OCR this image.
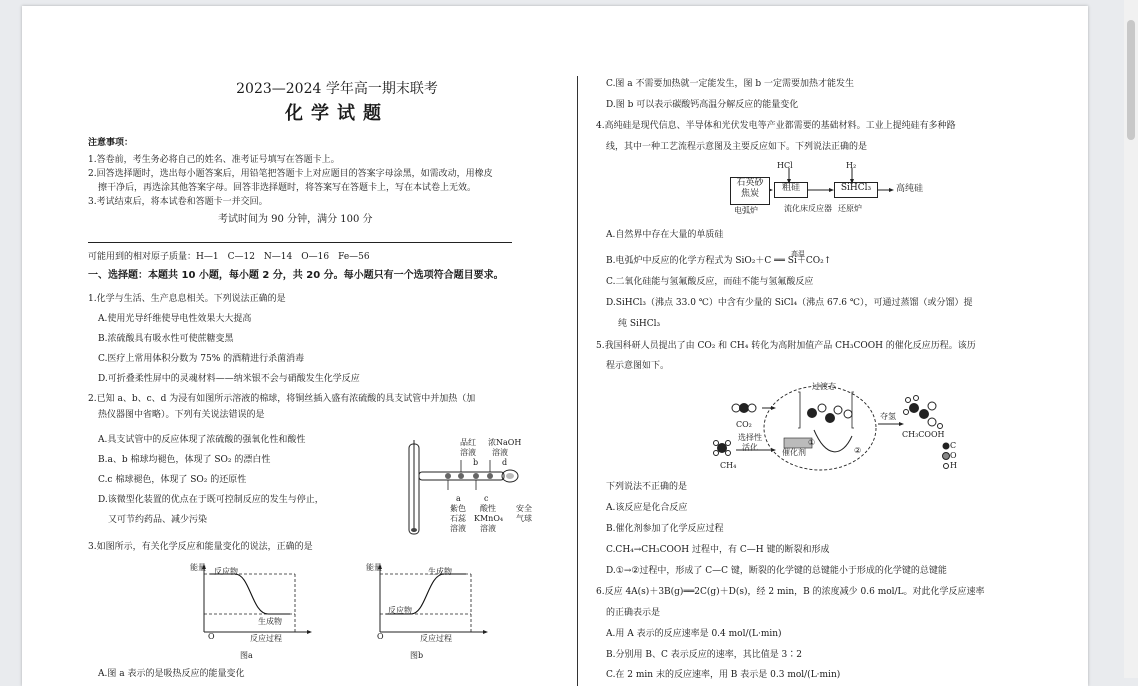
2023—2024 学年高一期末联考
化学试题
注意事项：
1.答卷前，考生务必将自己的姓名、准考证号填写在答题卡上。
2.回答选择题时，选出每小题答案后，用铅笔把答题卡上对应题目的答案字母涂黑，如需改动，用橡皮
擦干净后，再选涂其他答案字母。回答非选择题时，将答案写在答题卡上，写在本试卷上无效。
3.考试结束后，将本试卷和答题卡一并交回。
考试时间为 90 分钟，满分 100 分
可能用到的相对原子质量：H—1　C—12　N—14　O—16　Fe—56
一、选择题：本题共 10 小题，每小题 2 分，共 20 分。每小题只有一个选项符合题目要求。
1.化学与生活、生产息息相关。下列说法正确的是
A.使用光导纤维使导电性效果大大提高
B.浓硫酸具有吸水性可使蔗糖变黑
C.医疗上常用体积分数为 75% 的酒精进行杀菌消毒
D.可折叠柔性屏中的灵魂材料——纳米银不会与硝酸发生化学反应
2.已知 a、b、c、d 为浸有如图所示溶液的棉球，将铜丝插入盛有浓硫酸的具支试管中并加热（加
热仪器图中省略）。下列有关说法错误的是
A.具支试管中的反应体现了浓硫酸的强氧化性和酸性
B.a、b 棉球均褪色，体现了 SO₂ 的漂白性
C.c 棉球褪色，体现了 SO₂ 的还原性
D.该微型化装置的优点在于既可控制反应的发生与停止，
又可节约药品、减少污染
品红
溶液
浓NaOH
溶液
b	d
a	c
紫色
石蕊
溶液
酸性
KMnO₄
溶液
安全
气球
3.如图所示，有关化学反应和能量变化的说法，正确的是
能量 反应物
生成物
O	反应过程
图a
能量	生成物
反应物
O	反应过程
图b
A.图 a 表示的是吸热反应的能量变化
C.图 a 不需要加热就一定能发生，图 b 一定需要加热才能发生
D.图 b 可以表示碳酸钙高温分解反应的能量变化
4.高纯硅是现代信息、半导体和光伏发电等产业都需要的基础材料。工业上提纯硅有多种路
线，其中一种工艺流程示意图及主要反应如下。下列说法正确的是
石英砂
焦炭
粗硅	SiHCl₃
HCl	H₂
高纯硅
电弧炉	流化床反应器 还原炉
A.自然界中存在大量的单质硅
B.电弧炉中反应的化学方程式为 SiO₂＋C ══ Si＋CO₂↑
高温
C.二氧化硅能与氢氟酸反应，而硅不能与氢氟酸反应
D.SiHCl₃（沸点 33.0 ℃）中含有少量的 SiCl₄（沸点 67.6 ℃），可通过蒸馏（或分馏）提
纯 SiHCl₃
5.我国科研人员提出了由 CO₂ 和 CH₄ 转化为高附加值产品 CH₃COOH 的催化反应历程。该历
程示意图如下。
过渡态
CO₂
选择性
活化
CH₄
催化剂
①
②
夺氢
CH₃COOH
C
O
H
下列说法不正确的是
A.该反应是化合反应
B.催化剂参加了化学反应过程
C.CH₄→CH₃COOH 过程中，有 C—H 键的断裂和形成
D.①→②过程中，形成了 C—C 键，断裂的化学键的总键能小于形成的化学键的总键能
6.反应 4A(s)＋3B(g)══2C(g)＋D(s)，经 2 min，B 的浓度减少 0.6 mol/L。对此化学反应速率
的正确表示是
A.用 A 表示的反应速率是 0.4 mol/(L·min)
B.分别用 B、C 表示反应的速率，其比值是 3∶2
C.在 2 min 末的反应速率，用 B 表示是 0.3 mol/(L·min)
